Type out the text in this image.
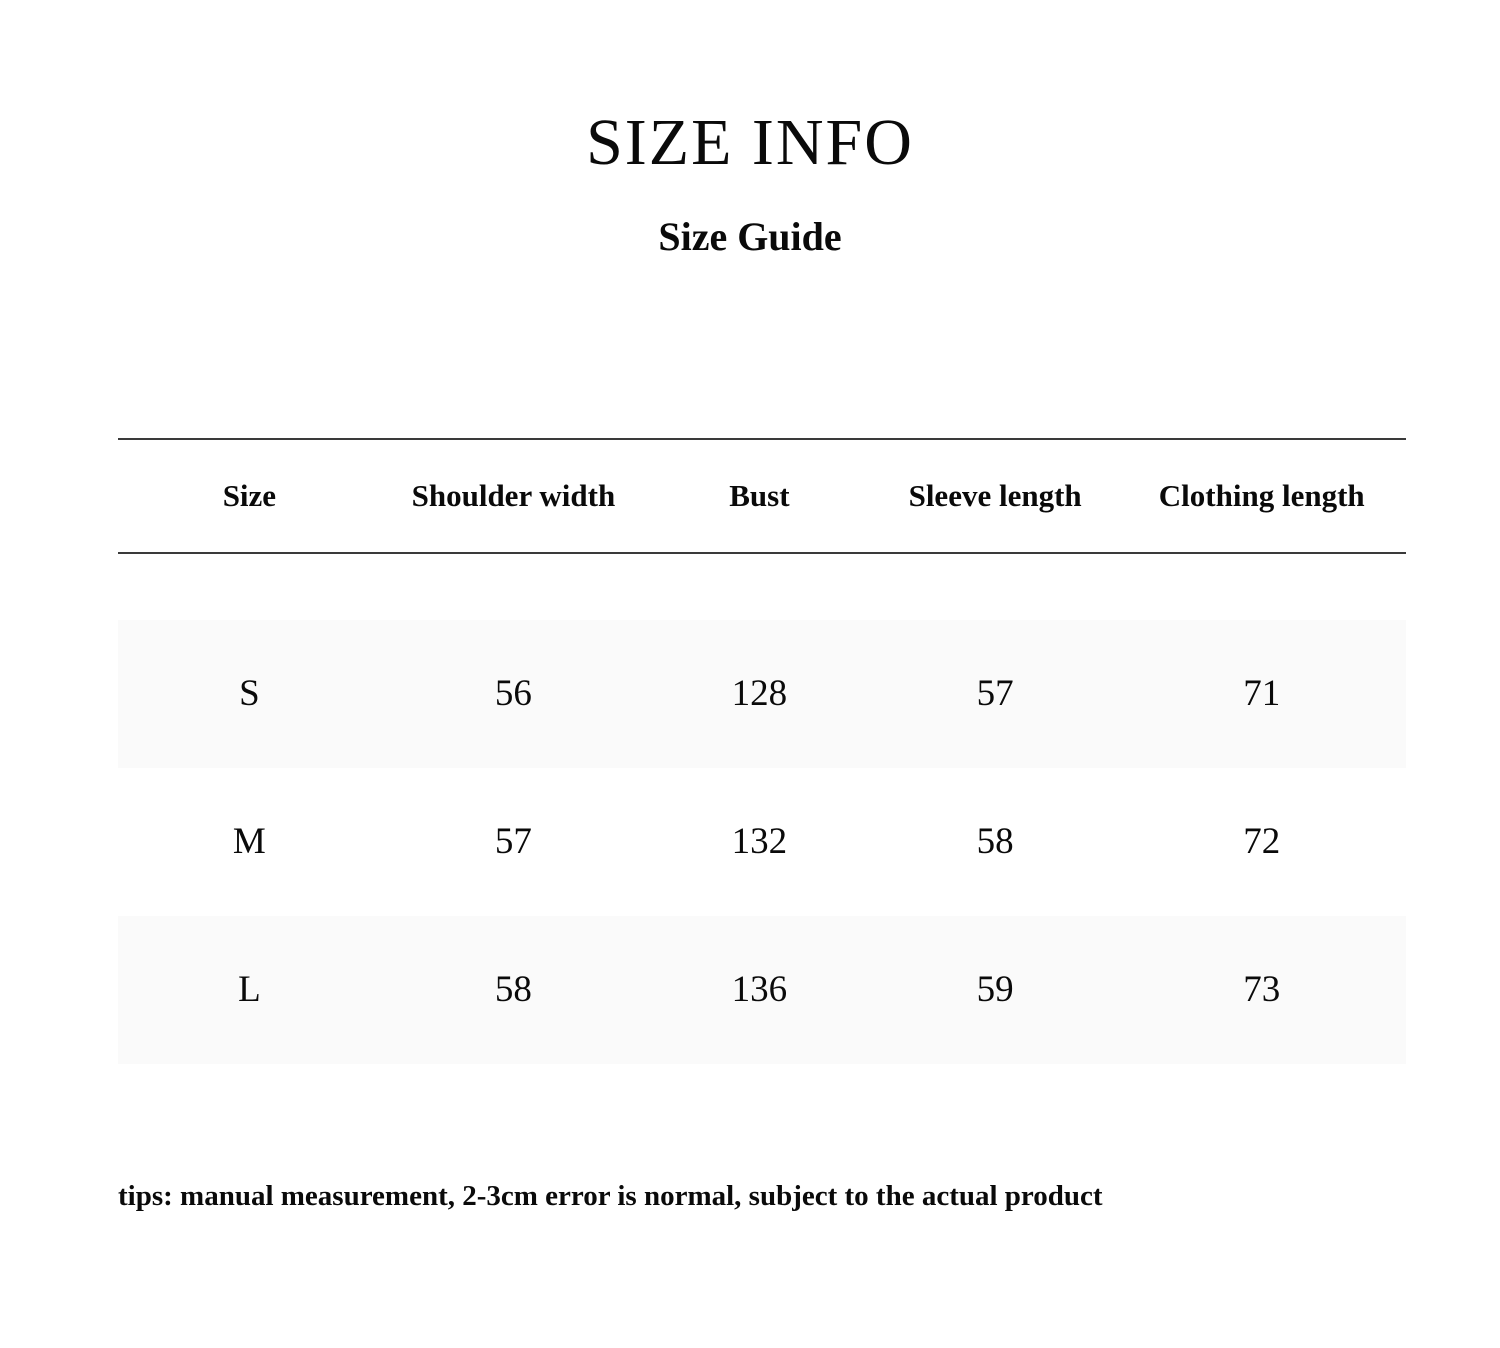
SIZE INFO
Size Guide
Size	Shoulder width	Bust	Sleeve length	Clothing length

S	56	128	57	71
M	57	132	58	72
L	58	136	59	73
tips: manual measurement, 2-3cm error is normal, subject to the actual product
